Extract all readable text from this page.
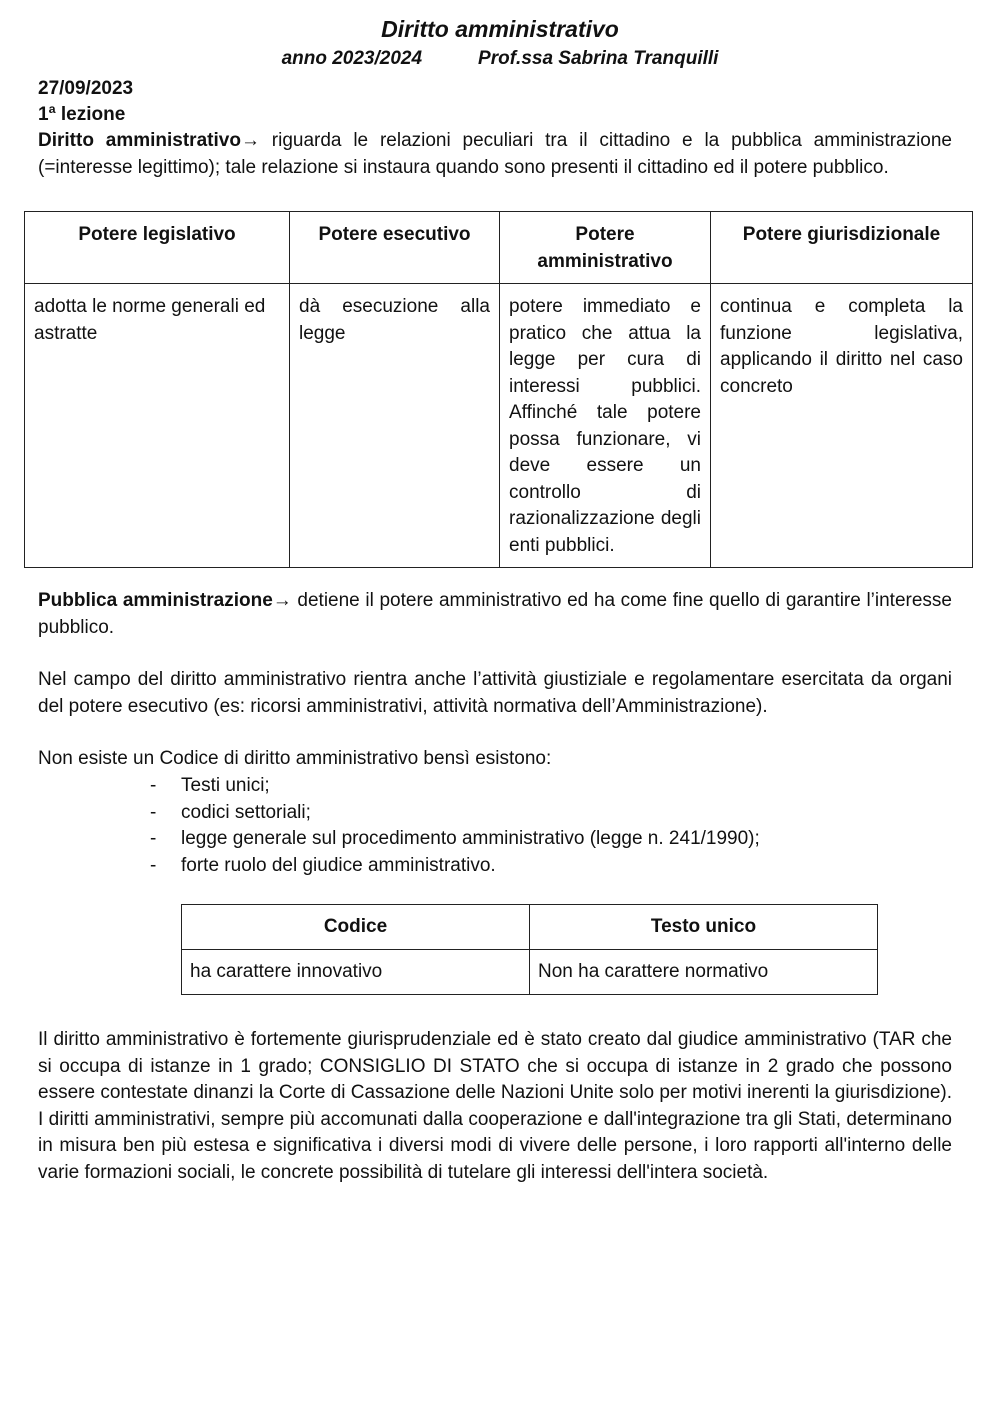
Diritto amministrativo
anno 2023/2024	Prof.ssa Sabrina Tranquilli
27/09/2023
1ª lezione
Diritto amministrativo→ riguarda le relazioni peculiari tra il cittadino e la pubblica amministrazione (=interesse legittimo); tale relazione si instaura quando sono presenti il cittadino ed il potere pubblico.
Potere legislativo	Potere esecutivo	Potere amministrativo	Potere giurisdizionale
adotta le norme generali ed astratte	dà esecuzione alla legge	potere immediato e pratico che attua la legge per cura di interessi pubblici. Affinché tale potere possa funzionare, vi deve essere un controllo di razionalizzazione degli enti pubblici.	continua e completa la funzione legislativa, applicando il diritto nel caso concreto
Pubblica amministrazione→ detiene il potere amministrativo ed ha come fine quello di garantire l’interesse pubblico.
Nel campo del diritto amministrativo rientra anche l’attività giustiziale e regolamentare esercitata da organi del potere esecutivo (es: ricorsi amministrativi, attività normativa dell’Amministrazione).
Non esiste un Codice di diritto amministrativo bensì esistono:
- Testi unici;
- codici settoriali;
- legge generale sul procedimento amministrativo (legge n. 241/1990);
- forte ruolo del giudice amministrativo.
Codice	Testo unico
ha carattere innovativo	Non ha carattere normativo
Il diritto amministrativo è fortemente giurisprudenziale ed è stato creato dal giudice amministrativo (TAR che si occupa di istanze in 1 grado; CONSIGLIO DI STATO che si occupa di istanze in 2 grado che possono essere contestate dinanzi la Corte di Cassazione delle Nazioni Unite solo per motivi inerenti la giurisdizione). I diritti amministrativi, sempre più accomunati dalla cooperazione e dall'integrazione tra gli Stati, determinano in misura ben più estesa e significativa i diversi modi di vivere delle persone, i loro rapporti all'interno delle varie formazioni sociali, le concrete possibilità di tutelare gli interessi dell'intera società.
